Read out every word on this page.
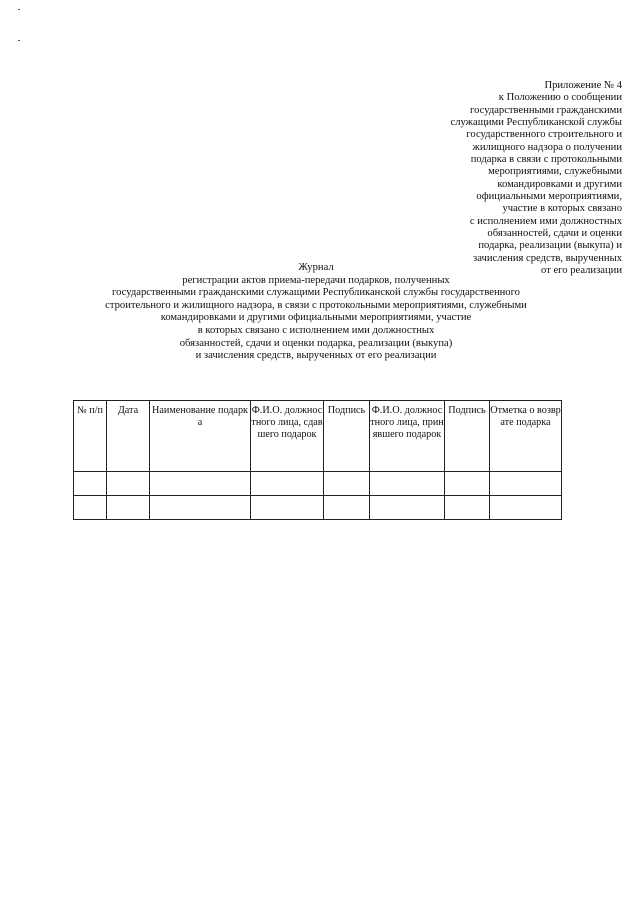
Приложение № 4
к Положению о сообщении
государственными гражданскими
служащими Республиканской службы
государственного строительного и
жилищного надзора о получении
подарка в связи с протокольными
мероприятиями, служебными
командировками и другими
официальными мероприятиями,
участие в которых связано
с исполнением ими должностных
обязанностей, сдачи и оценки
подарка, реализации (выкупа) и
зачисления средств, вырученных
от его реализации
Журнал
регистрации актов приема-передачи подарков, полученных
государственными гражданскими служащими Республиканской службы государственного
строительного и жилищного надзора, в связи с протокольными мероприятиями, служебными
командировками и другими официальными мероприятиями, участие
в которых связано с исполнением ими должностных
обязанностей, сдачи и оценки подарка, реализации (выкупа)
и зачисления средств, вырученных от его реализации
№ п/п	Дата	Наименование подарка	Ф.И.О. должностного лица, сдавшего подарок	Подпись	Ф.И.О. должностного лица, принявшего подарок	Подпись	Отметка о возврате подарка
